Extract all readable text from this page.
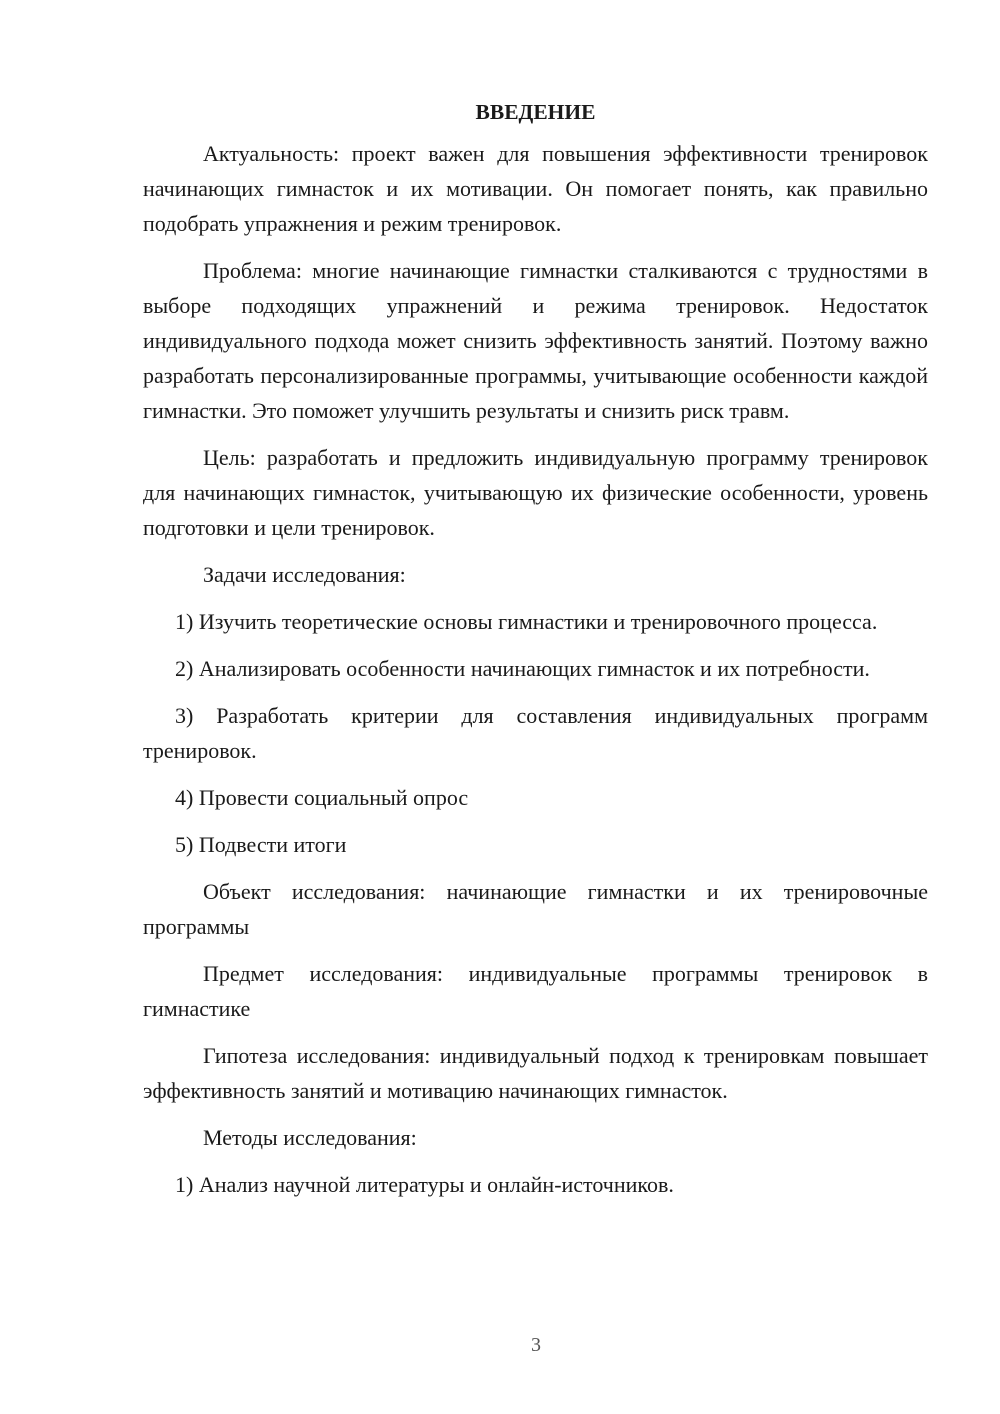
ВВЕДЕНИЕ

Актуальность: проект важен для повышения эффективности тренировок начинающих гимнасток и их мотивации. Он помогает понять, как правильно подобрать упражнения и режим тренировок.

Проблема: многие начинающие гимнастки сталкиваются с трудностями в выборе подходящих упражнений и режима тренировок. Недостаток индивидуального подхода может снизить эффективность занятий. Поэтому важно разработать персонализированные программы, учитывающие особенности каждой гимнастки. Это поможет улучшить результаты и снизить риск травм.

Цель: разработать и предложить индивидуальную программу тренировок для начинающих гимнасток, учитывающую их физические особенности, уровень подготовки и цели тренировок.

Задачи исследования:

1) Изучить теоретические основы гимнастики и тренировочного процесса.

2) Анализировать особенности начинающих гимнасток и их потребности.

3) Разработать критерии для составления индивидуальных программ тренировок.

4) Провести социальный опрос

5) Подвести итоги

Объект исследования: начинающие гимнастки и их тренировочные программы

Предмет исследования: индивидуальные программы тренировок в гимнастике

Гипотеза исследования: индивидуальный подход к тренировкам повышает эффективность занятий и мотивацию начинающих гимнасток.

Методы исследования:

1) Анализ научной литературы и онлайн-источников.

3
